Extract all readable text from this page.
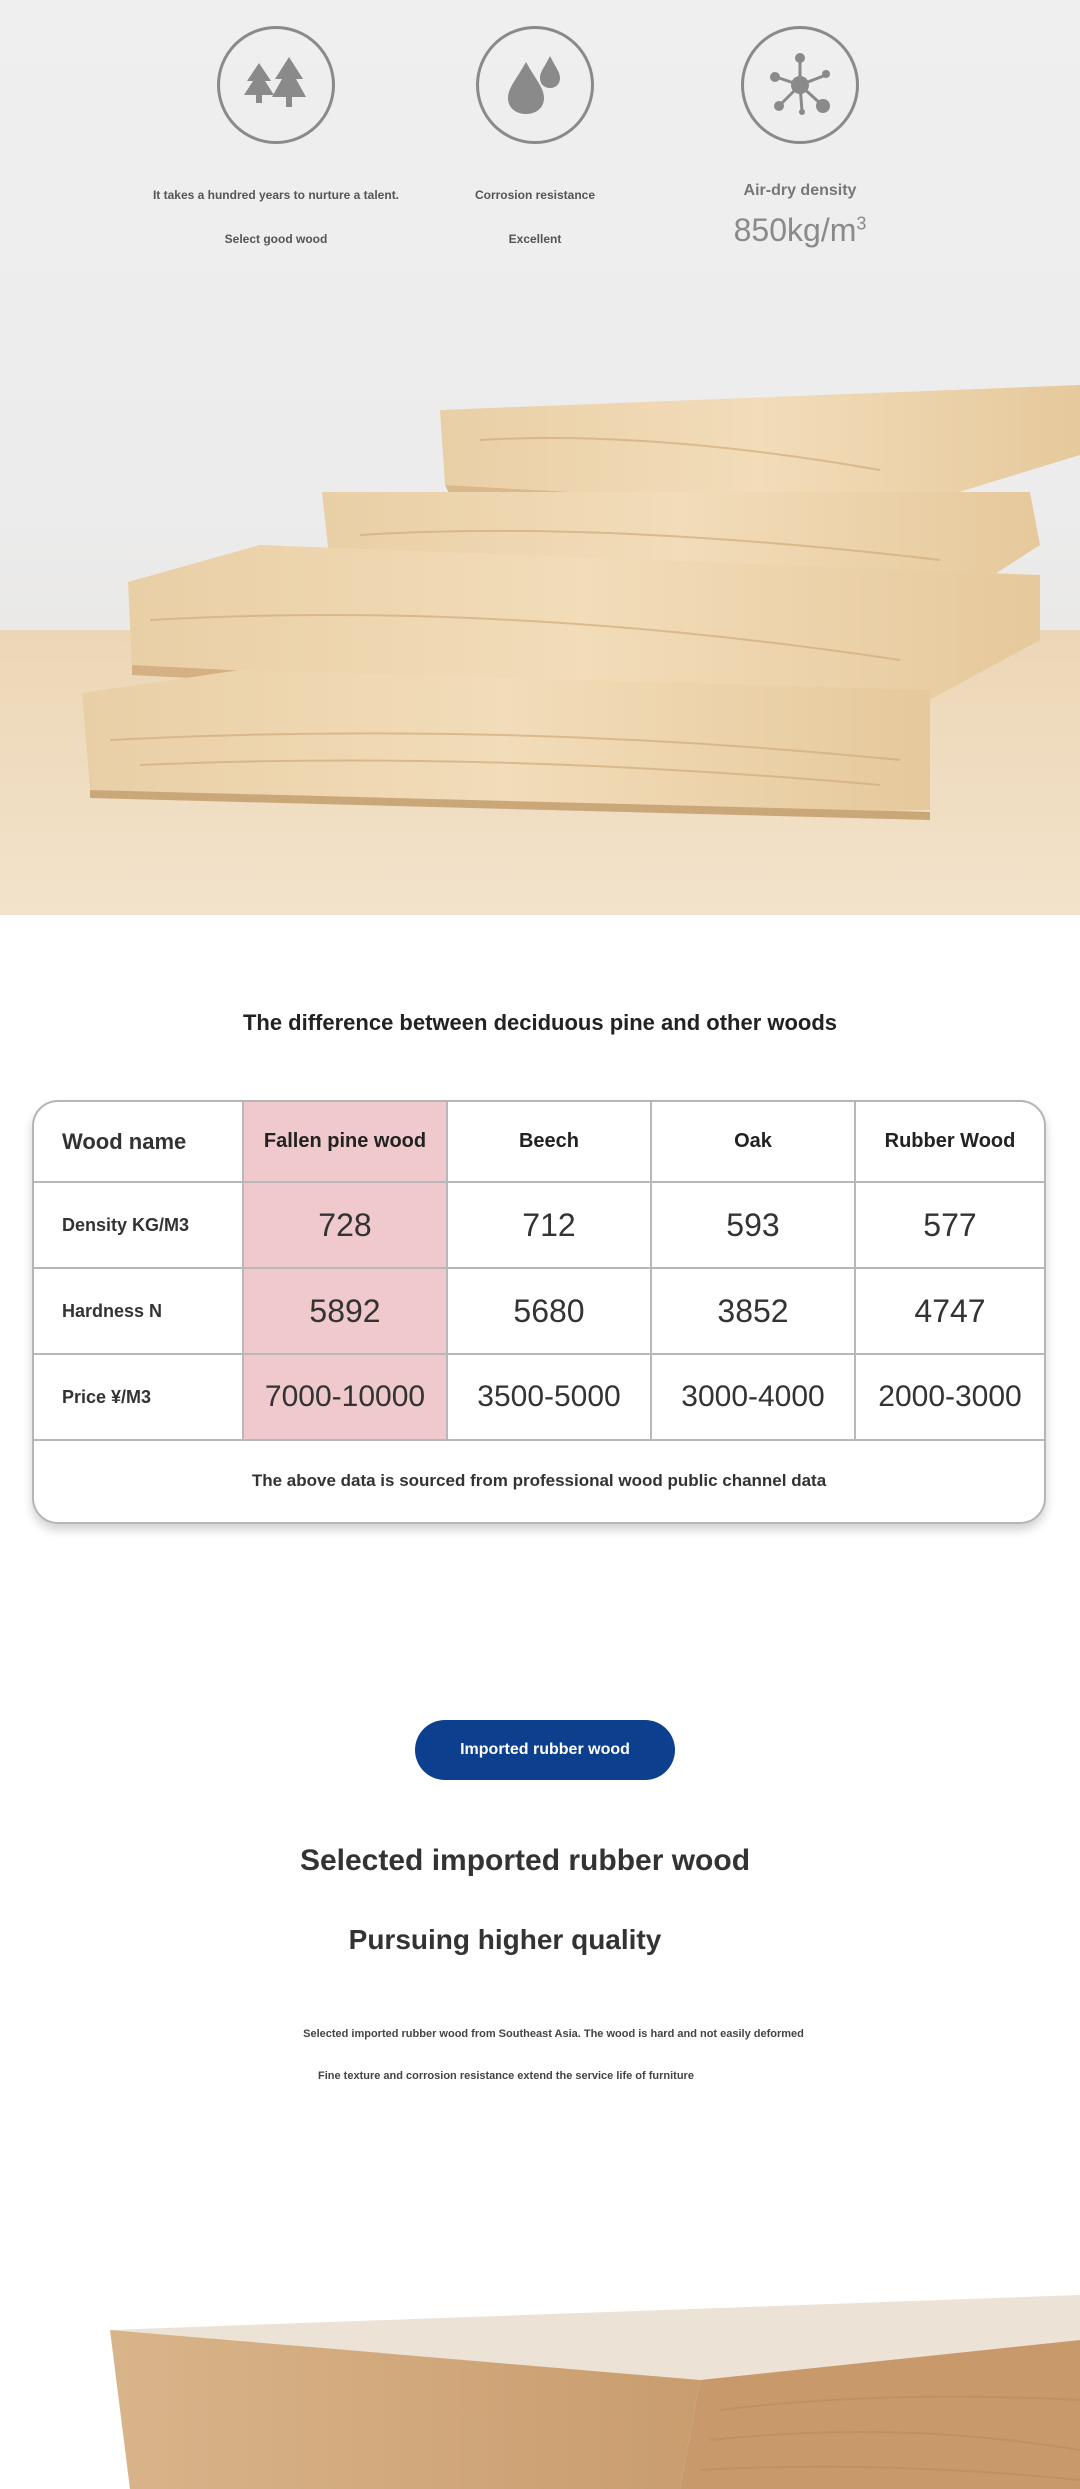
It takes a hundred years to nurture a talent.
Select good wood
Corrosion resistance
Excellent
Air-dry density
$850kg/m^3$
The difference between deciduous pine and other woods
Wood name	Fallen pine wood	Beech	Oak	Rubber Wood
Density KG/M3	728	712	593	577
Hardness N	5892	5680	3852	4747
Price ¥/M3	7000-10000	3500-5000	3000-4000	2000-3000
The above data is sourced from professional wood public channel data
Imported rubber wood
Selected imported rubber wood
Pursuing higher quality
Selected imported rubber wood from Southeast Asia. The wood is hard and not easily deformed
Fine texture and corrosion resistance extend the service life of furniture
